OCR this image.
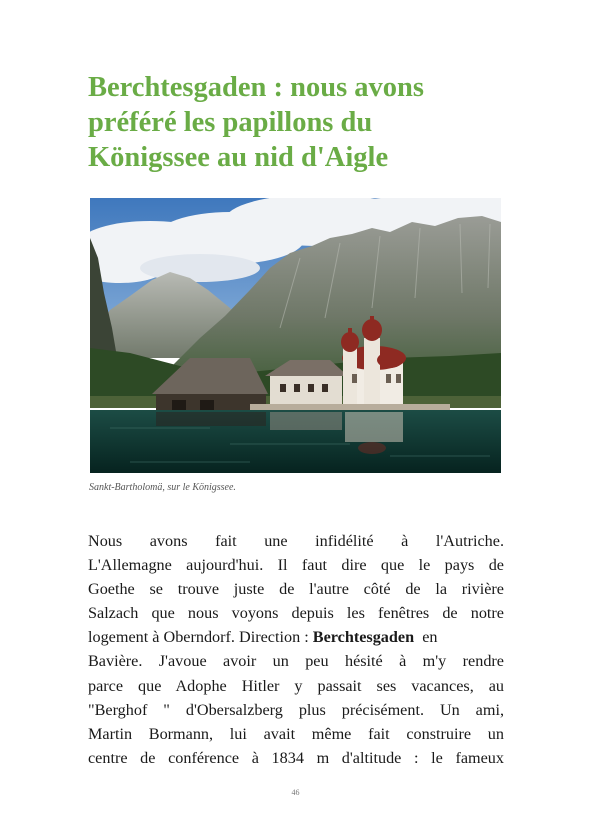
Berchtesgaden : nous avons
préféré les papillons du
Königssee au nid d'Aigle

Sankt-Bartholomä, sur le Königssee.

Nous avons fait une infidélité à l'Autriche.
L'Allemagne aujourd'hui. Il faut dire que le pays de
Goethe se trouve juste de l'autre côté de la rivière
Salzach que nous voyons depuis les fenêtres de notre
logement à Oberndorf. Direction : Berchtesgaden  en
Bavière. J'avoue avoir un peu hésité à m'y rendre
parce que Adophe Hitler y passait ses vacances, au
"Berghof " d'Obersalzberg plus précisément. Un ami,
Martin Bormann, lui avait même fait construire un
centre de conférence à 1834 m d'altitude : le fameux

46
